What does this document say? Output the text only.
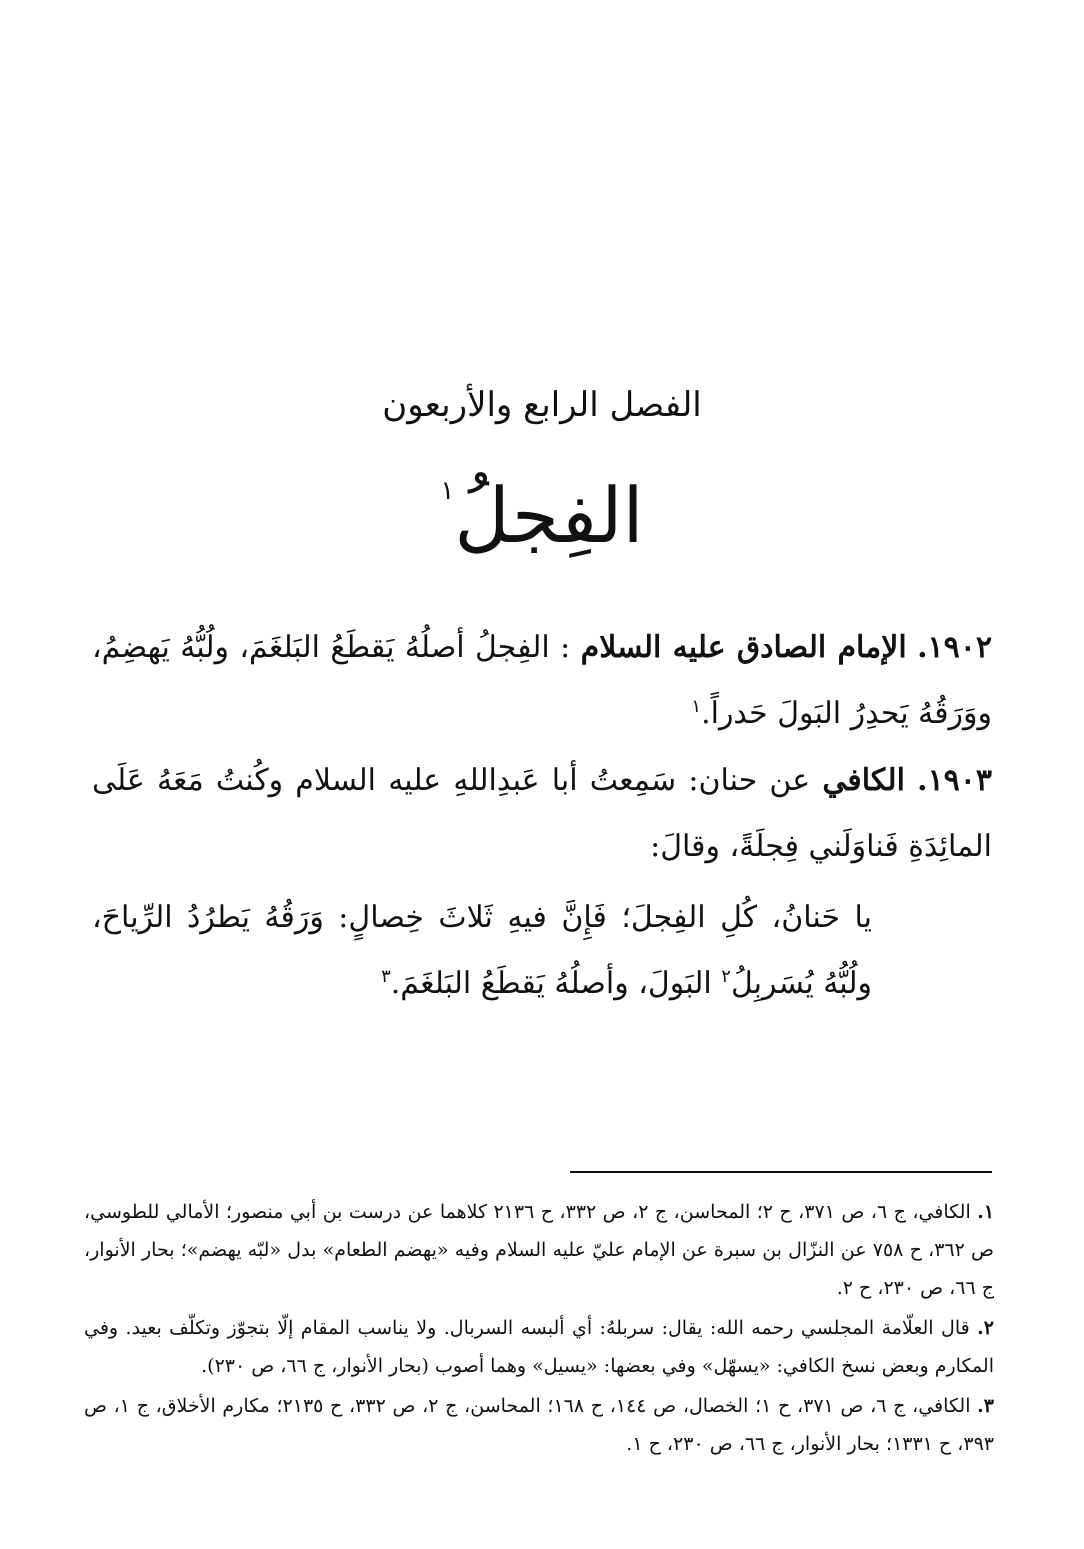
الفصل الرابع والأربعون
الفِجلُ$^١$

١٩٠٢. الإمام الصادق عليه السلام : الفِجلُ أصلُهُ يَقطَعُ البَلغَمَ، ولُبُّهُ يَهضِمُ، ووَرَقُهُ يَحدِرُ البَولَ حَدراً.$^١$

١٩٠٣. الكافي عن حنان: سَمِعتُ أبا عَبدِاللهِ عليه السلام وكُنتُ مَعَهُ عَلَى المائِدَةِ فَناوَلَني فِجلَةً، وقالَ:

يا حَنانُ، كُلِ الفِجلَ؛ فَإِنَّ فيهِ ثَلاثَ خِصالٍ: وَرَقُهُ يَطرُدُ الرِّياحَ، ولُبُّهُ يُسَربِلُ$^٢$ البَولَ، وأصلُهُ يَقطَعُ البَلغَمَ.$^٣$

١. الكافي، ج ٦، ص ٣٧١، ح ٢؛ المحاسن، ج ٢، ص ٣٣٢، ح ٢١٣٦ كلاهما عن درست بن أبي منصور؛ الأمالي للطوسي، ص ٣٦٢، ح ٧٥٨ عن النزّال بن سبرة عن الإمام عليّ عليه السلام وفيه «يهضم الطعام» بدل «لبّه يهضم»؛ بحار الأنوار، ج ٦٦، ص ٢٣٠، ح ٢.

٢. قال العلّامة المجلسي رحمه الله: يقال: سربلهُ: أي ألبسه السربال. ولا يناسب المقام إلّا بتجوّز وتكلّف بعيد. وفي المكارم وبعض نسخ الكافي: «يسهّل» وفي بعضها: «يسيل» وهما أصوب (بحار الأنوار، ج ٦٦، ص ٢٣٠).

٣. الكافي، ج ٦، ص ٣٧١، ح ١؛ الخصال، ص ١٤٤، ح ١٦٨؛ المحاسن، ج ٢، ص ٣٣٢، ح ٢١٣٥؛ مكارم الأخلاق، ج ١، ص ٣٩٣، ح ١٣٣١؛ بحار الأنوار، ج ٦٦، ص ٢٣٠، ح ١.
